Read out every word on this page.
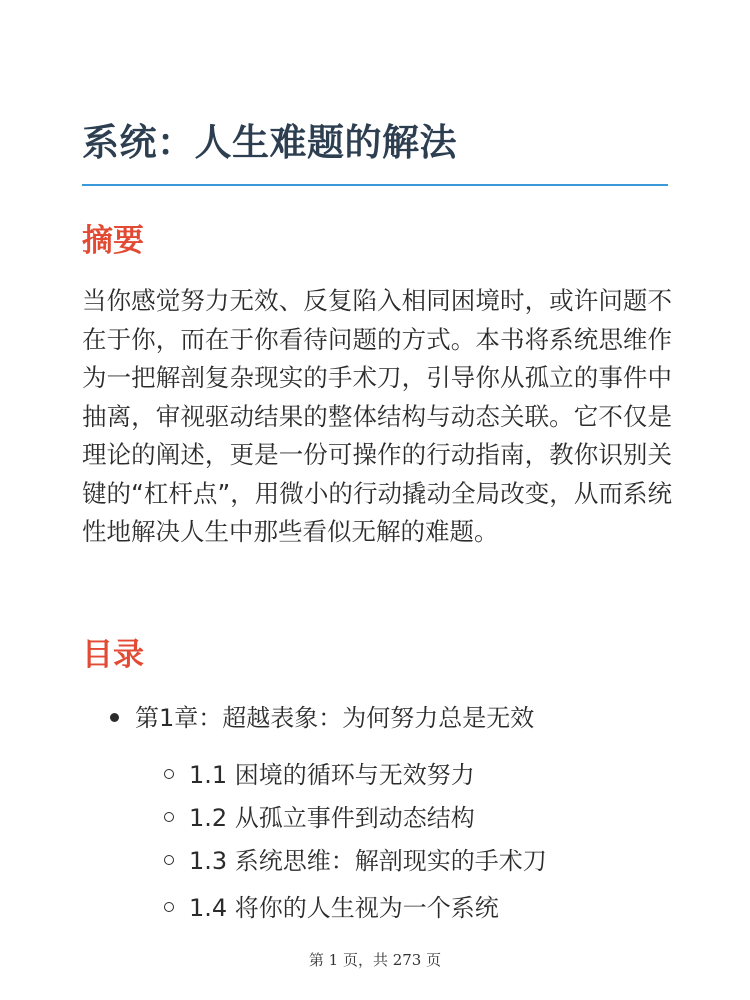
系统：人生难题的解法
摘要

当你感觉努力无效、反复陷入相同困境时，或许问题不在于你，而在于你看待问题的方式。本书将系统思维作为一把解剖复杂现实的手术刀，引导你从孤立的事件中抽离，审视驱动结果的整体结构与动态关联。它不仅是理论的阐述，更是一份可操作的行动指南，教你识别关键的“杠杆点”，用微小的行动撬动全局改变，从而系统性地解决人生中那些看似无解的难题。

目录
第1章：超越表象：为何努力总是无效
1.1 困境的循环与无效努力
1.2 从孤立事件到动态结构
1.3 系统思维：解剖现实的手术刀
1.4 将你的人生视为一个系统
第 1 页，共 273 页
